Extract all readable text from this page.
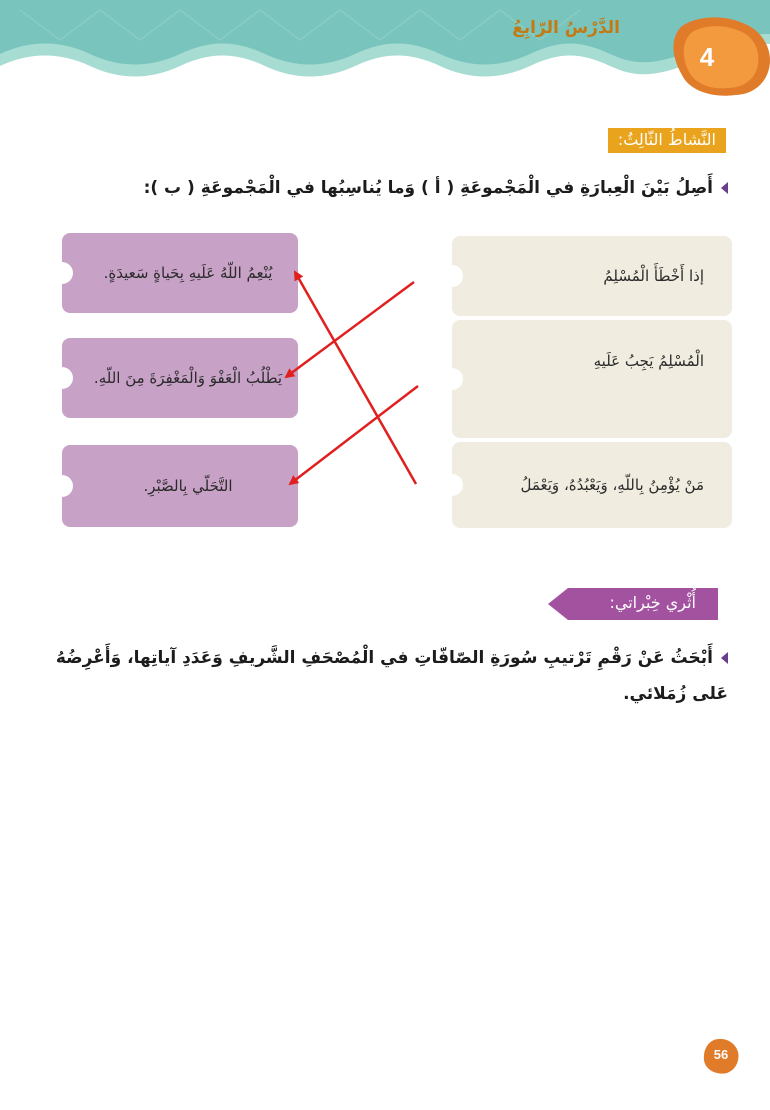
الدَّرْسُ الرّابِعُ
4
النَّشاطُ الثّالِثُ:
أَصِلُ بَيْنَ الْعِبارَةِ في الْمَجْموعَةِ ( أ ) وَما يُناسِبُها في الْمَجْموعَةِ ( ب ):
إذا أَخْطَأَ الْمُسْلِمُ
الْمُسْلِمُ يَجِبُ عَلَيهِ
مَنْ يُؤْمِنُ بِاللّهِ، وَيَعْبُدُهُ، وَيَعْمَلُ
يُنْعِمُ اللّهُ عَلَيهِ بِحَياةٍ سَعيدَةٍ.
يَطْلُبُ الْعَفْوَ وَالْمَغْفِرَةَ مِنَ اللّهِ.
التَّحَلّي بِالصَّبْرِ.
أُثْري خِبْراتي:
أَبْحَثُ عَنْ رَقْمِ تَرْتيبِ سُورَةِ الصّافّاتِ في الْمُصْحَفِ الشَّريفِ وَعَدَدِ آياتِها، وَأَعْرِضُهُ عَلى زُمَلائي.
56
